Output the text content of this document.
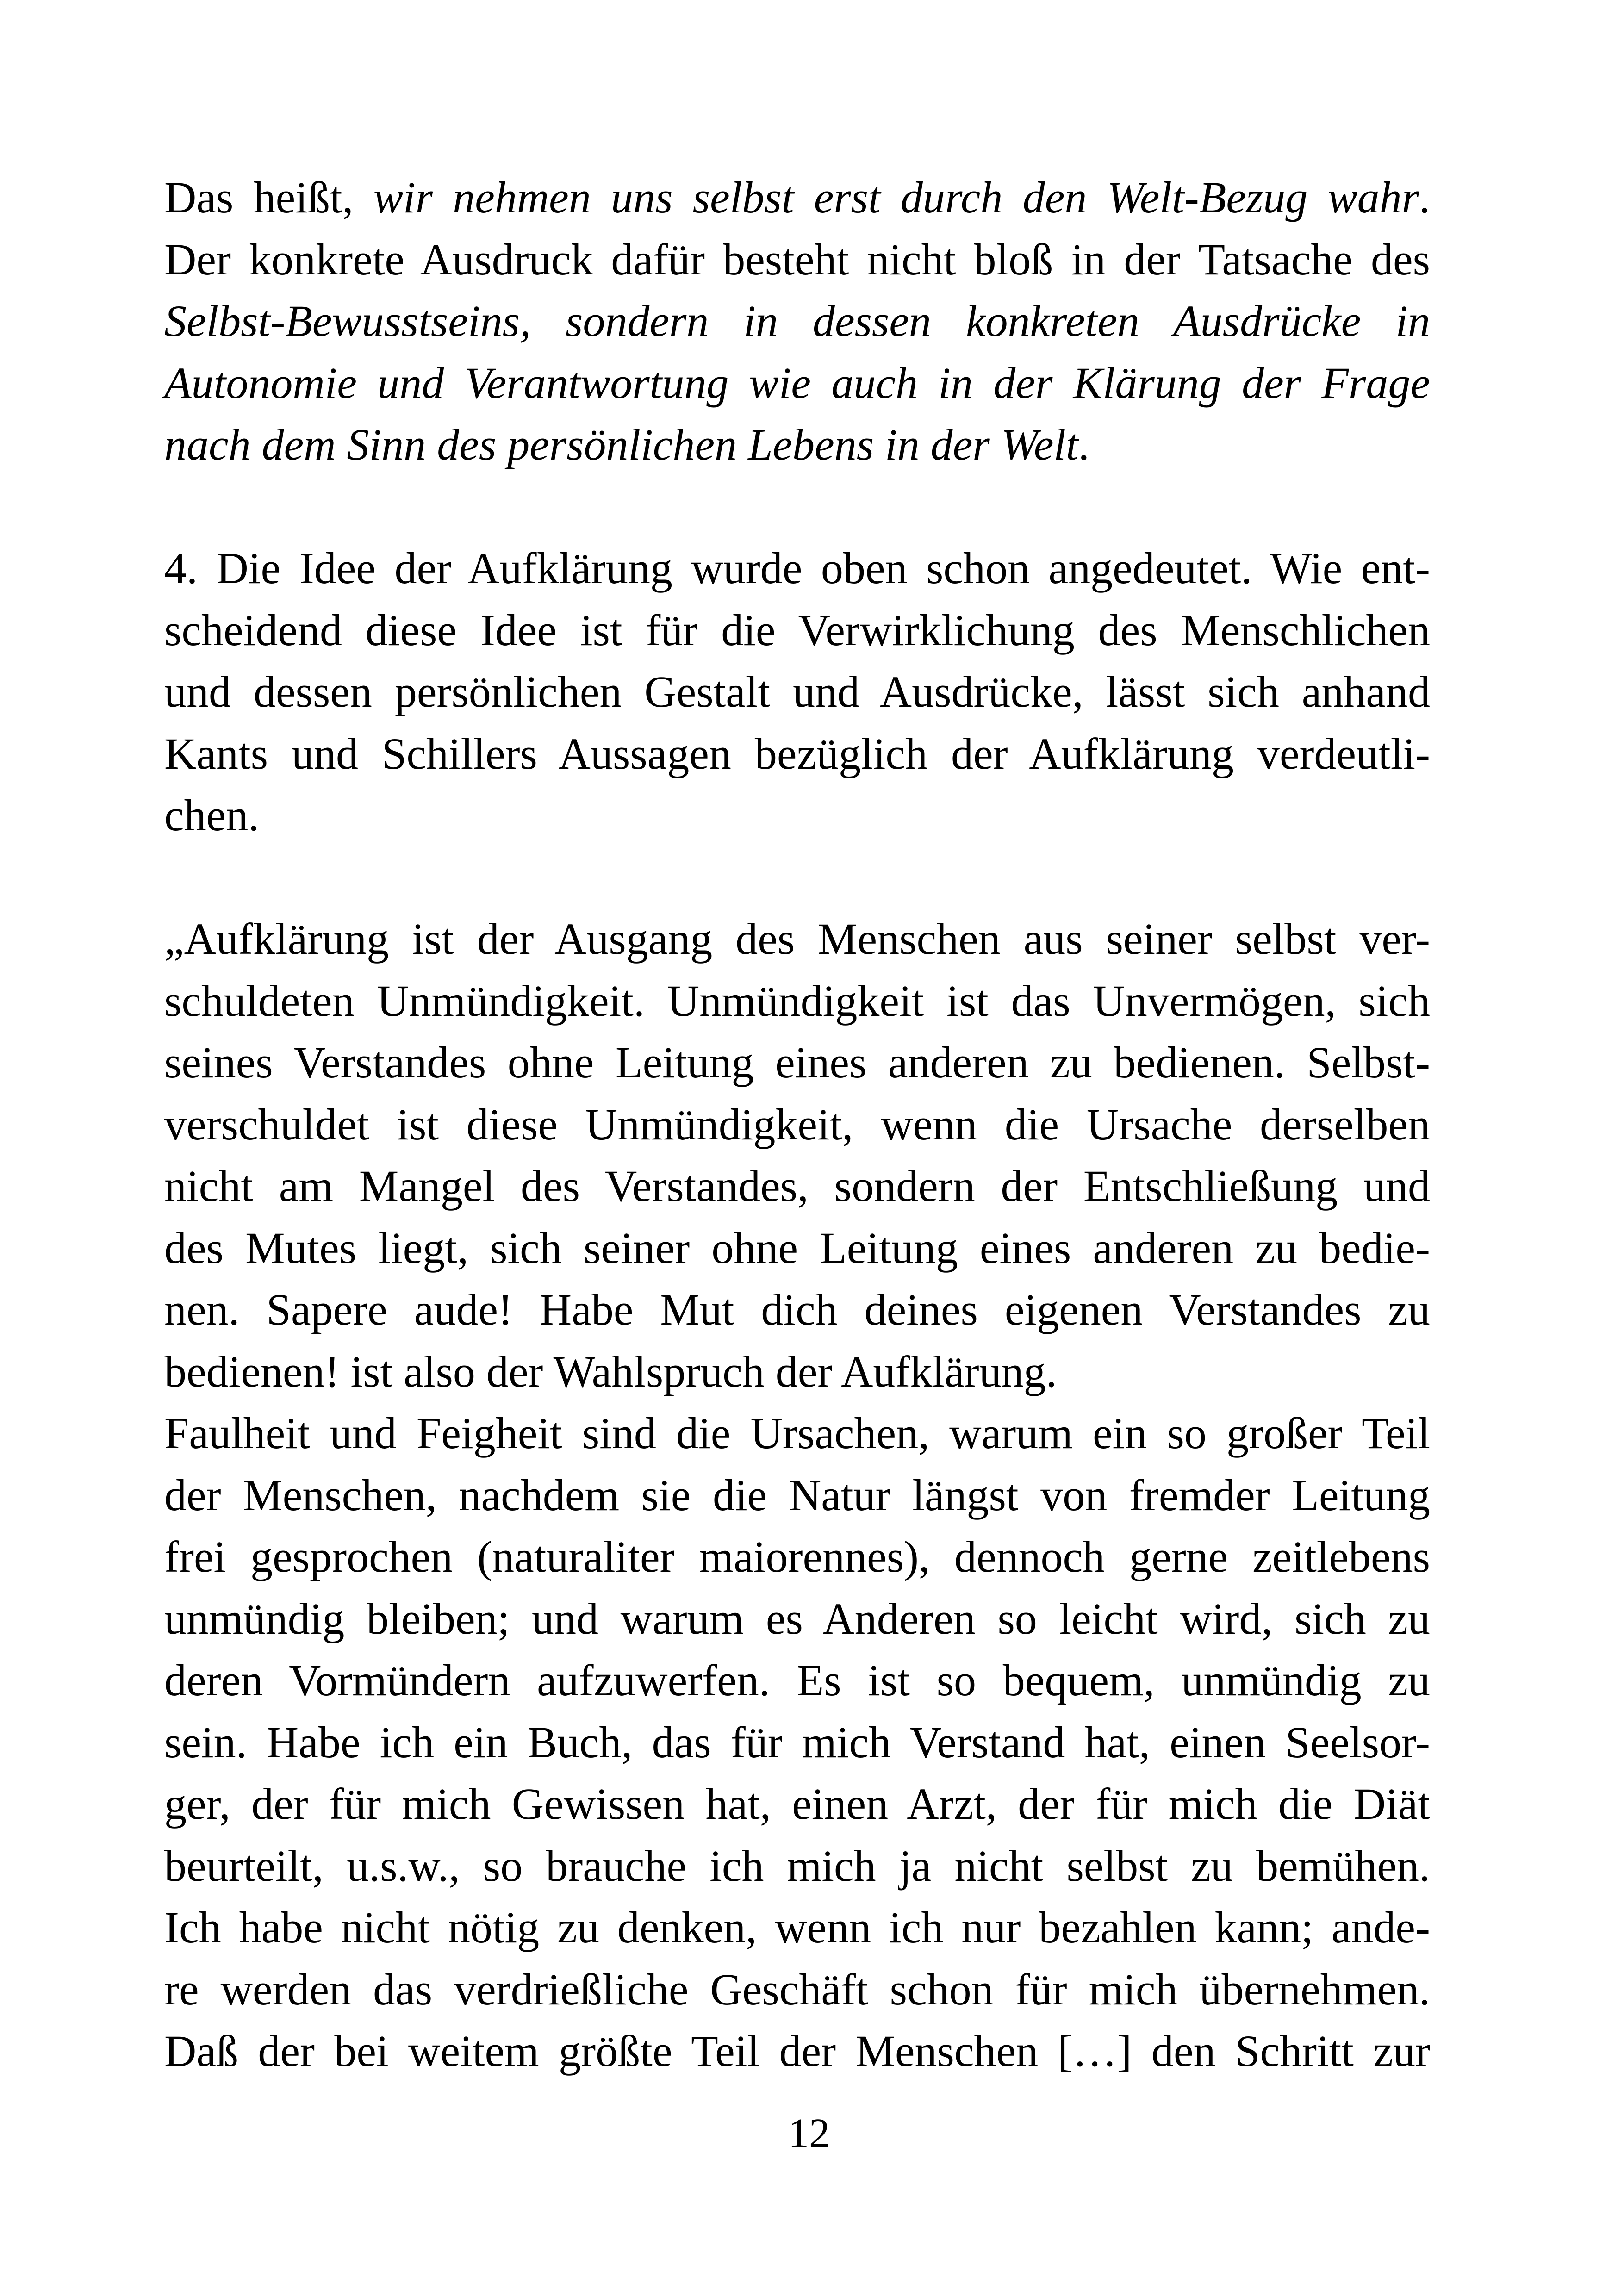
Das heißt, wir nehmen uns selbst erst durch den Welt-Bezug wahr.
Der konkrete Ausdruck dafür besteht nicht bloß in der Tatsache des
Selbst-Bewusstseins, sondern in dessen konkreten Ausdrücke in
Autonomie und Verantwortung wie auch in der Klärung der Frage
nach dem Sinn des persönlichen Lebens in der Welt.
4. Die Idee der Aufklärung wurde oben schon angedeutet. Wie ent-
scheidend diese Idee ist für die Verwirklichung des Menschlichen
und dessen persönlichen Gestalt und Ausdrücke, lässt sich anhand
Kants und Schillers Aussagen bezüglich der Aufklärung verdeutli-
chen.
„Aufklärung ist der Ausgang des Menschen aus seiner selbst ver-
schuldeten Unmündigkeit. Unmündigkeit ist das Unvermögen, sich
seines Verstandes ohne Leitung eines anderen zu bedienen. Selbst-
verschuldet ist diese Unmündigkeit, wenn die Ursache derselben
nicht am Mangel des Verstandes, sondern der Entschließung und
des Mutes liegt, sich seiner ohne Leitung eines anderen zu bedie-
nen. Sapere aude! Habe Mut dich deines eigenen Verstandes zu
bedienen! ist also der Wahlspruch der Aufklärung.
Faulheit und Feigheit sind die Ursachen, warum ein so großer Teil
der Menschen, nachdem sie die Natur längst von fremder Leitung
frei gesprochen (naturaliter maiorennes), dennoch gerne zeitlebens
unmündig bleiben; und warum es Anderen so leicht wird, sich zu
deren Vormündern aufzuwerfen. Es ist so bequem, unmündig zu
sein. Habe ich ein Buch, das für mich Verstand hat, einen Seelsor-
ger, der für mich Gewissen hat, einen Arzt, der für mich die Diät
beurteilt, u.s.w., so brauche ich mich ja nicht selbst zu bemühen.
Ich habe nicht nötig zu denken, wenn ich nur bezahlen kann; ande-
re werden das verdrießliche Geschäft schon für mich übernehmen.
Daß der bei weitem größte Teil der Menschen […] den Schritt zur
12
